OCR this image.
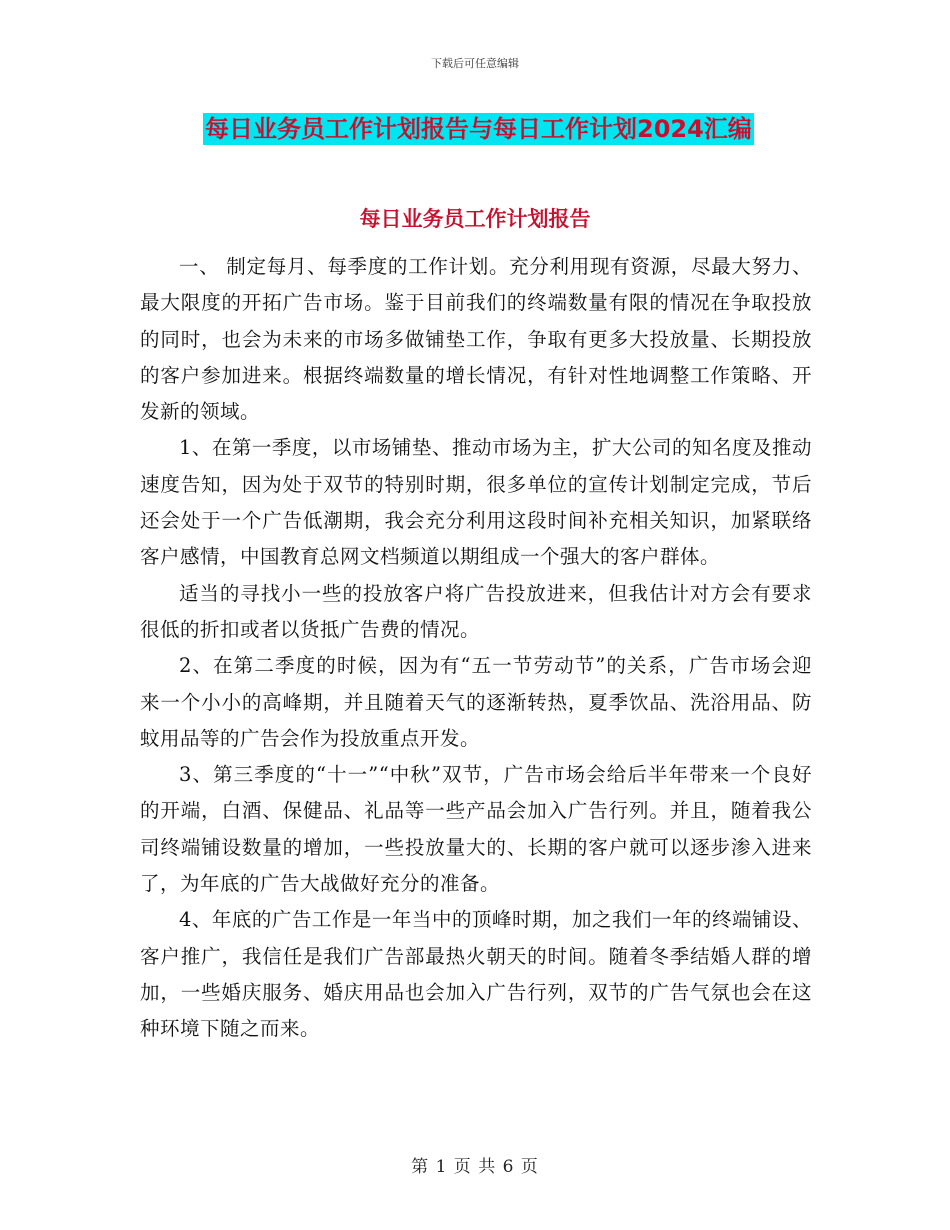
下载后可任意编辑
每日业务员工作计划报告与每日工作计划2024汇编
每日业务员工作计划报告

一、 制定每月、每季度的工作计划。充分利用现有资源，尽最大努力、最大限度的开拓广告市场。鉴于目前我们的终端数量有限的情况在争取投放的同时，也会为未来的市场多做铺垫工作，争取有更多大投放量、长期投放的客户参加进来。根据终端数量的增长情况，有针对性地调整工作策略、开发新的领域。

1、在第一季度，以市场铺垫、推动市场为主，扩大公司的知名度及推动速度告知，因为处于双节的特别时期，很多单位的宣传计划制定完成，节后还会处于一个广告低潮期，我会充分利用这段时间补充相关知识，加紧联络客户感情，中国教育总网文档频道以期组成一个强大的客户群体。

适当的寻找小一些的投放客户将广告投放进来，但我估计对方会有要求很低的折扣或者以货抵广告费的情况。

2、在第二季度的时候，因为有“五一节劳动节”的关系，广告市场会迎来一个小小的高峰期，并且随着天气的逐渐转热，夏季饮品、洗浴用品、防蚊用品等的广告会作为投放重点开发。

3、第三季度的“十一”“中秋”双节，广告市场会给后半年带来一个良好的开端，白酒、保健品、礼品等一些产品会加入广告行列。并且，随着我公司终端铺设数量的增加，一些投放量大的、长期的客户就可以逐步渗入进来了，为年底的广告大战做好充分的准备。

4、年底的广告工作是一年当中的顶峰时期，加之我们一年的终端铺设、客户推广，我信任是我们广告部最热火朝天的时间。随着冬季结婚人群的增加，一些婚庆服务、婚庆用品也会加入广告行列，双节的广告气氛也会在这种环境下随之而来。

第 1 页 共 6 页
